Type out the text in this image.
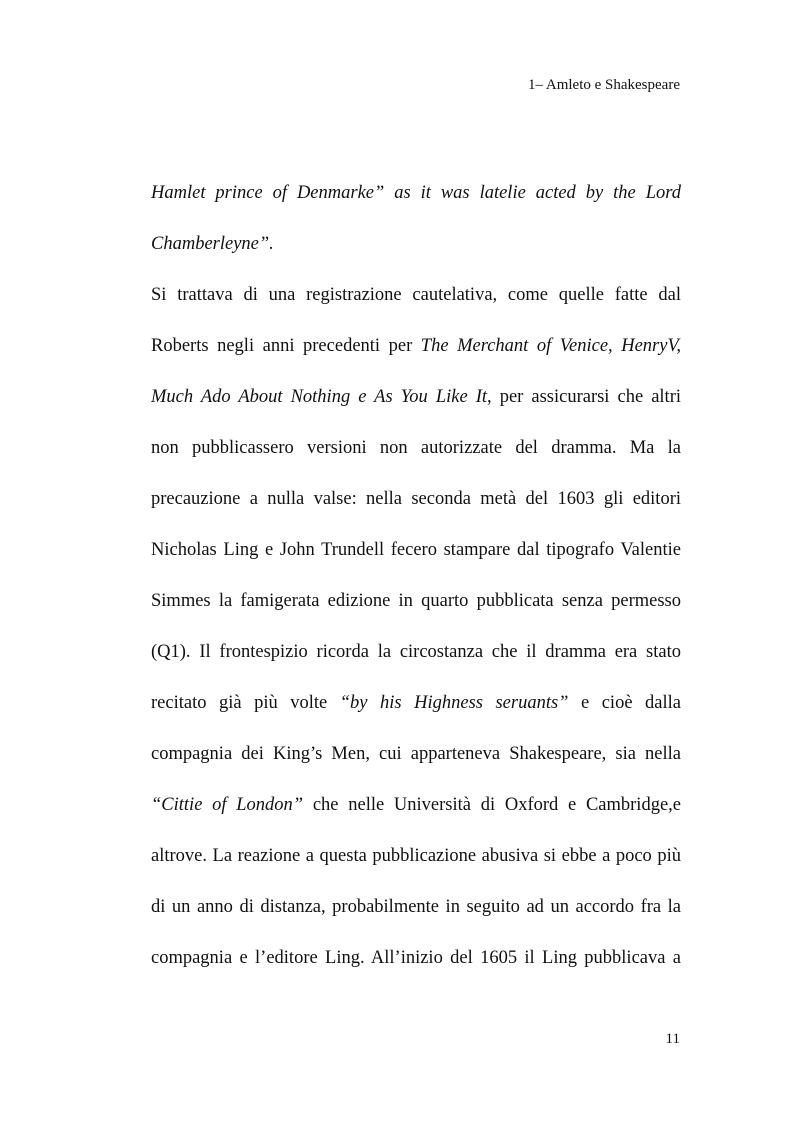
1– Amleto e Shakespeare
Hamlet prince of Denmarke” as it was latelie acted by the Lord
Chamberleyne”.
Si trattava di una registrazione cautelativa, come quelle fatte dal
Roberts negli anni precedenti per The Merchant of Venice, HenryV,
Much Ado About Nothing e As You Like It, per assicurarsi che altri
non pubblicassero versioni non autorizzate del dramma. Ma la
precauzione a nulla valse: nella seconda metà del 1603 gli editori
Nicholas Ling e John Trundell fecero stampare dal tipografo Valentie
Simmes la famigerata edizione in quarto pubblicata senza permesso
(Q1). Il frontespizio ricorda la circostanza che il dramma era stato
recitato già più volte “by his Highness seruants” e cioè dalla
compagnia dei King’s Men, cui apparteneva Shakespeare, sia nella
“Cittie of London” che nelle Università di Oxford e Cambridge,e
altrove. La reazione a questa pubblicazione abusiva si ebbe a poco più
di un anno di distanza, probabilmente in seguito ad un accordo fra la
compagnia e l’editore Ling. All’inizio del 1605 il Ling pubblicava a
11
